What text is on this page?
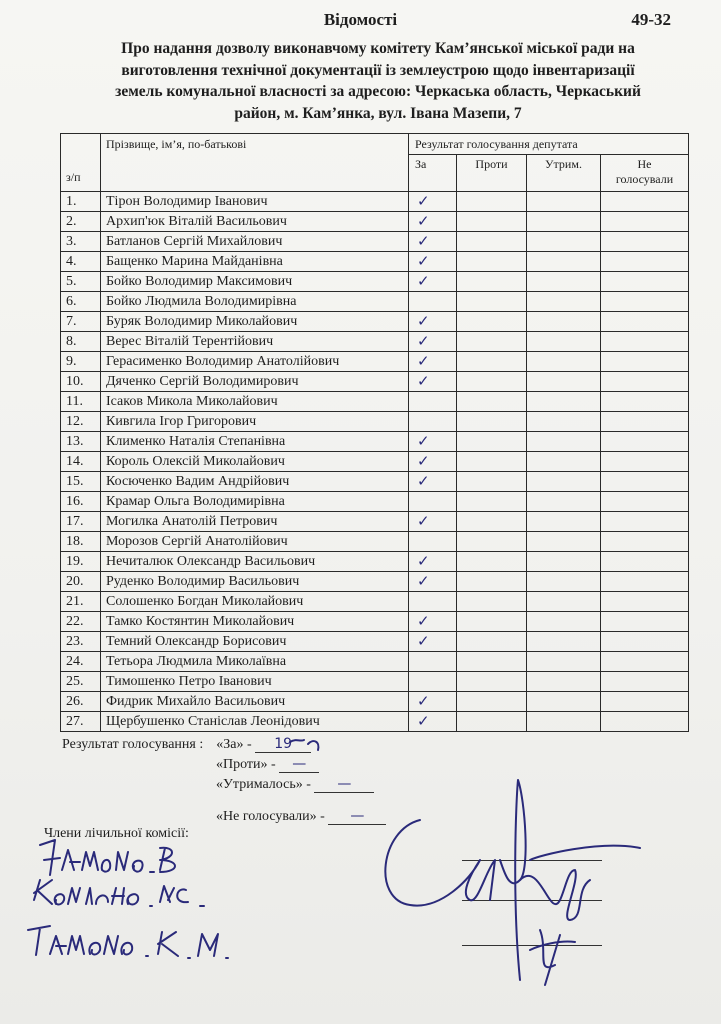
Відомості	49-32
Про надання дозволу виконавчому комітету Кам’янської міської ради на
виготовлення технічної документації із землеустрою щодо інвентаризації
земель комунальної власності за адресою: Черкаська область, Черкаський
район, м. Кам’янка, вул. Івана Мазепи, 7
з/п	Прізвище, ім’я, по-батькові	Результат голосування депутата			
		За	Проти	Утрим.	Не
голосували

1.	Тірон Володимир Іванович	✓			
2.	Архип'юк Віталій Васильович	✓			
3.	Батланов Сергій Михайлович	✓			
4.	Бащенко Марина Майданівна	✓			
5.	Бойко Володимир Максимович	✓			
6.	Бойко Людмила Володимирівна				
7.	Буряк Володимир Миколайович	✓			
8.	Верес Віталій Терентійович	✓			
9.	Герасименко Володимир Анатолійович	✓			
10.	Дяченко Сергій Володимирович	✓			
11.	Ісаков Микола Миколайович				
12.	Кивгила Ігор Григорович				
13.	Клименко Наталія Степанівна	✓			
14.	Король Олексій Миколайович	✓			
15.	Косюченко Вадим Андрійович	✓			
16.	Крамар Ольга Володимирівна				
17.	Могилка Анатолій Петрович	✓			
18.	Морозов Сергій Анатолійович				
19.	Нечиталюк Олександр Васильович	✓			
20.	Руденко Володимир Васильович	✓			
21.	Солошенко Богдан Миколайович				
22.	Тамко Костянтин Миколайович	✓			
23.	Темний Олександр Борисович	✓			
24.	Тетьора Людмила Миколаївна				
25.	Тимошенко Петро Іванович				
26.	Фидрик Михайло Васильович	✓			
27.	Щербушенко Станіслав Леонідович	✓			
Результат голосування : «За» - 19
«Проти» - —
«Утрималось» - —
«Не голосували» - —
Члени лічильної комісії:
